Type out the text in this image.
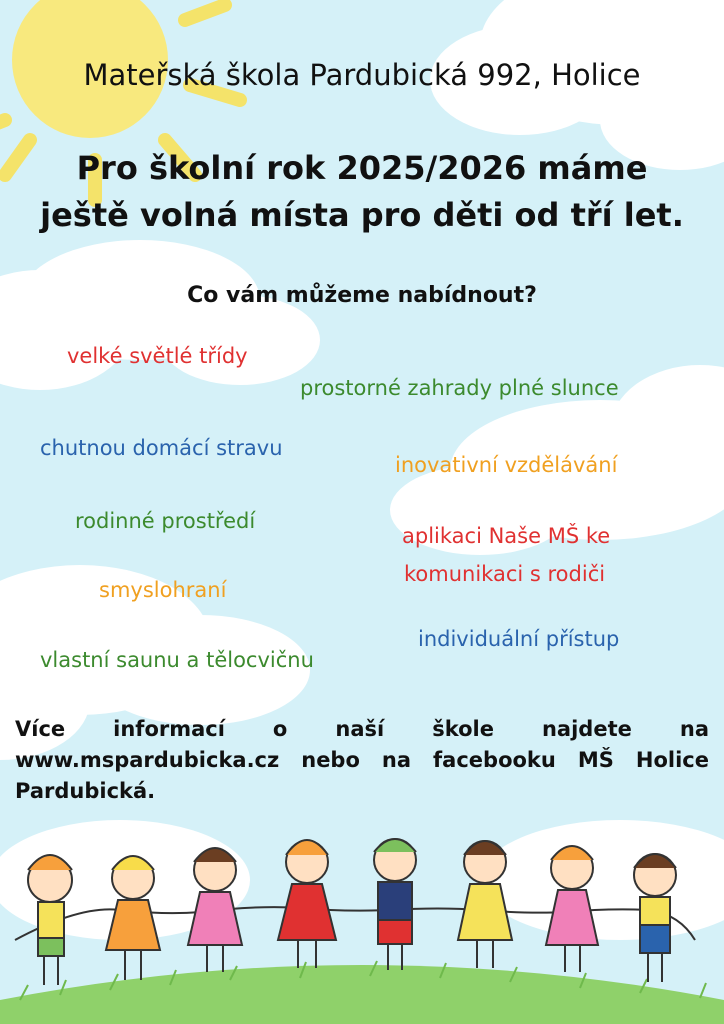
Mateřská škola Pardubická 992, Holice
Pro školní rok 2025/2026 máme
ještě volná místa pro děti od tří let.
Co vám můžeme nabídnout?
velké světlé třídy
prostorné zahrady plné slunce
chutnou domácí stravu
inovativní vzdělávání
rodinné prostředí
aplikaci Naše MŠ ke
komunikaci s rodiči
smyslohraní
individuální přístup
vlastní saunu a tělocvičnu
Více informací o naší škole najdete na www.mspardubicka.cz nebo na facebooku MŠ Holice Pardubická.
